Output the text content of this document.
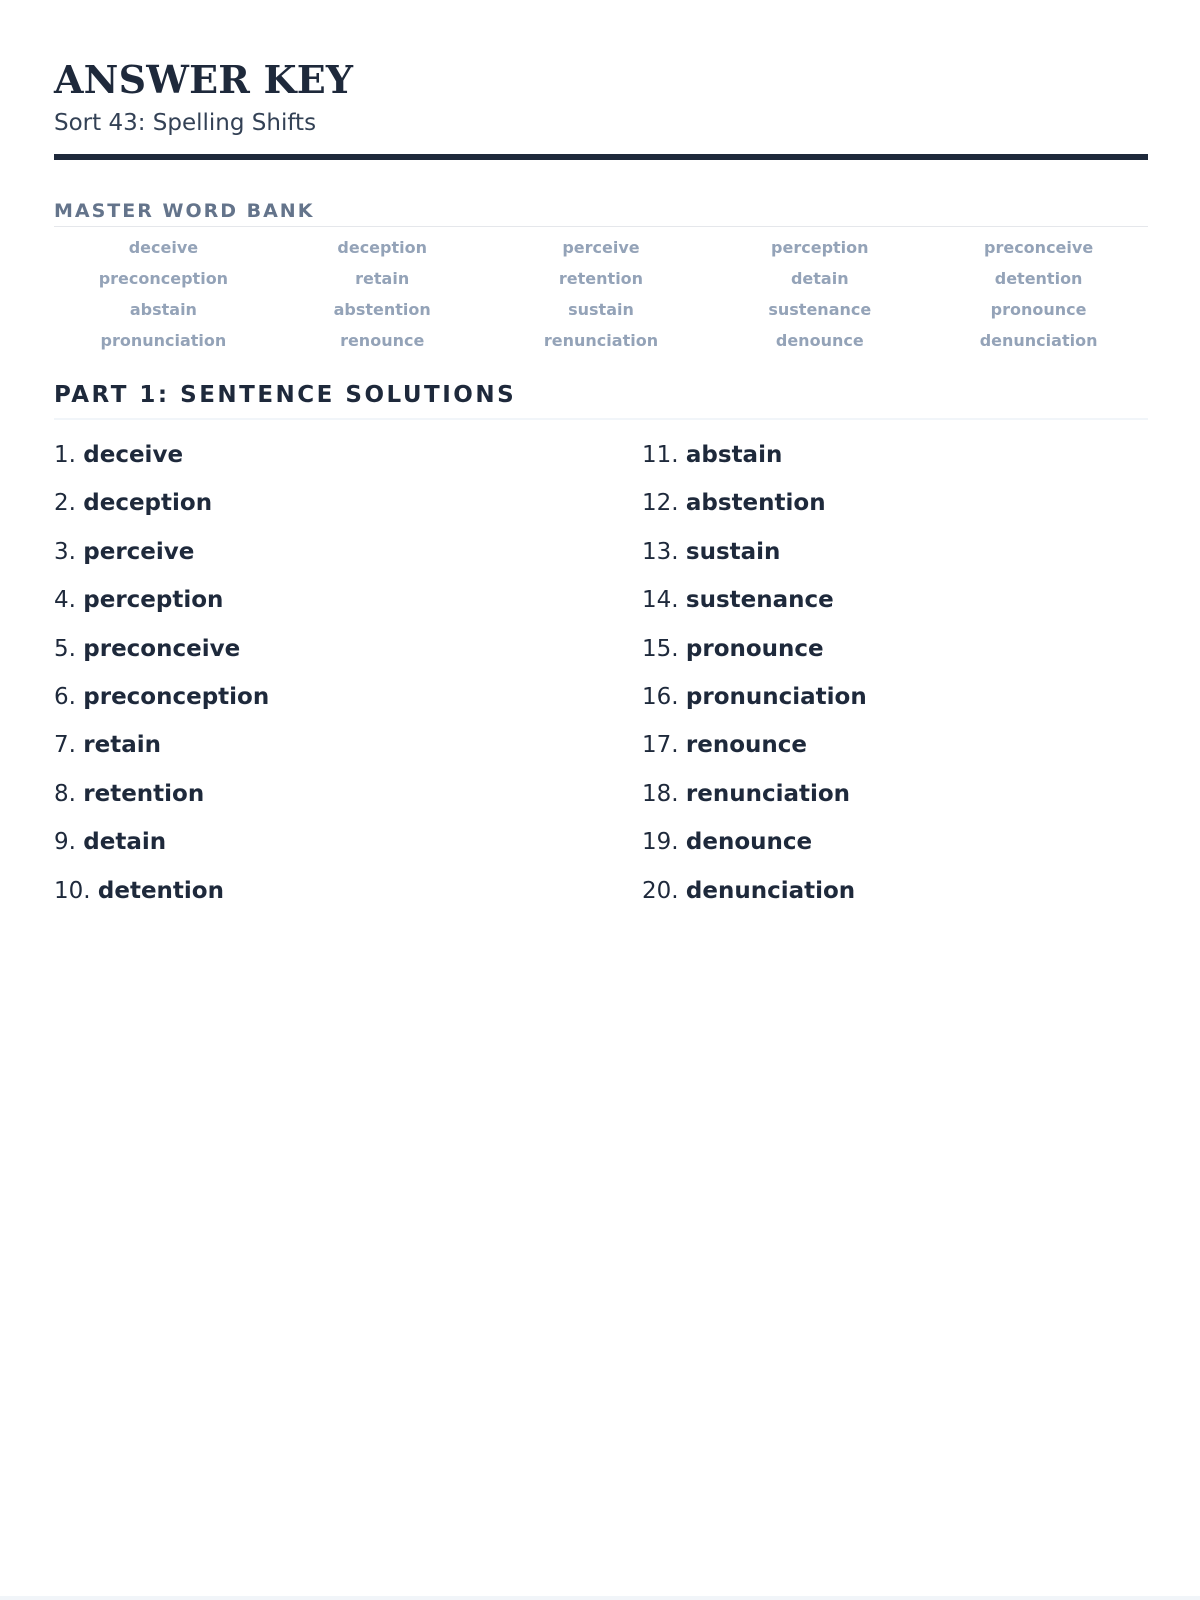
ANSWER KEY
Sort 43: Spelling Shifts
MASTER WORD BANK
deceive	deception	perceive	perception	preconceive
preconception	retain	retention	detain	detention
abstain	abstention	sustain	sustenance	pronounce
pronunciation	renounce	renunciation	denounce	denunciation
PART 1: SENTENCE SOLUTIONS
1. deceive
2. deception
3. perceive
4. perception
5. preconceive
6. preconception
7. retain
8. retention
9. detain
10. detention
11. abstain
12. abstention
13. sustain
14. sustenance
15. pronounce
16. pronunciation
17. renounce
18. renunciation
19. denounce
20. denunciation
